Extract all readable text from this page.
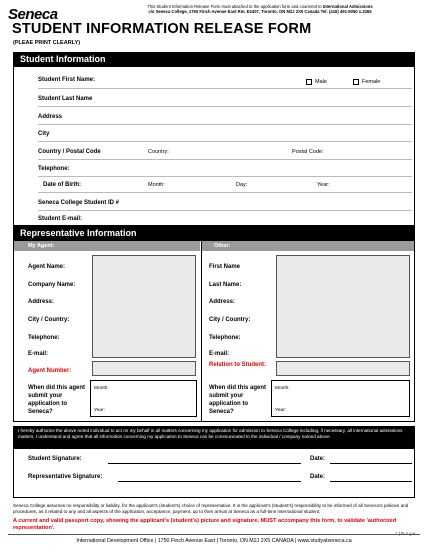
Seneca	This Student Information Release Form must attached to the application form and couriered to International Admissions
c/o Seneca College, 1750 Finch Avenue East Rm. E2407, Toronto, ON M2J 2X5 Canada Tel: (416) 491-5050 x.3265
STUDENT INFORMATION RELEASE FORM
(PLEAE PRINT CLEARLY)
Student Information
Student First Name:	Male	Female
Student Last Name
Address
City
Country / Postal Code	Country:	Postal Code:
Telephone:
Date of Birth:	Month:	Day:	Year:
Seneca College Student ID #
Student E-mail:
Representative Information
My Agent:	Other:
Agent Name:
Company Name:
Address:
City / Country:
Telephone:
E-mail:
Agent Number:
When did this agent submit your application to Seneca?
Month:
Year:
First Name
Last Name:
Address:
City / Country:
Telephone:
E-mail:
Relation to Student:
When did this agent submit your application to Seneca?
Month:
Year:
I hereby authorize the above noted individual to act on my behalf in all matters concerning my application for admission to Seneca College including, if necessary, all international admissions matters. I understand and agree that all information concerning my application to Seneca can be communicated to the individual / company named above.
Student Signature:	Date:
Representative Signature:	Date:
Seneca College assumes no responsibility or liability, for the applicant's (student's) choice of representative. It is the applicant's (student's) responsibility to be informed of all Seneca's policies and procedures, as it related to any and all aspects of the application, acceptance, payment, up to their arrival at Seneca as a full-time international student.
A current and valid passport copy, showing the applicant's (student's) picture and signature, MUST accompany this form, to validate 'authorized representation'.
1 | P a g e
International Development Office | 1750 Finch Avenue East | Toronto, ON M2J 2X5 CANADA | www.studyatseneca.ca
